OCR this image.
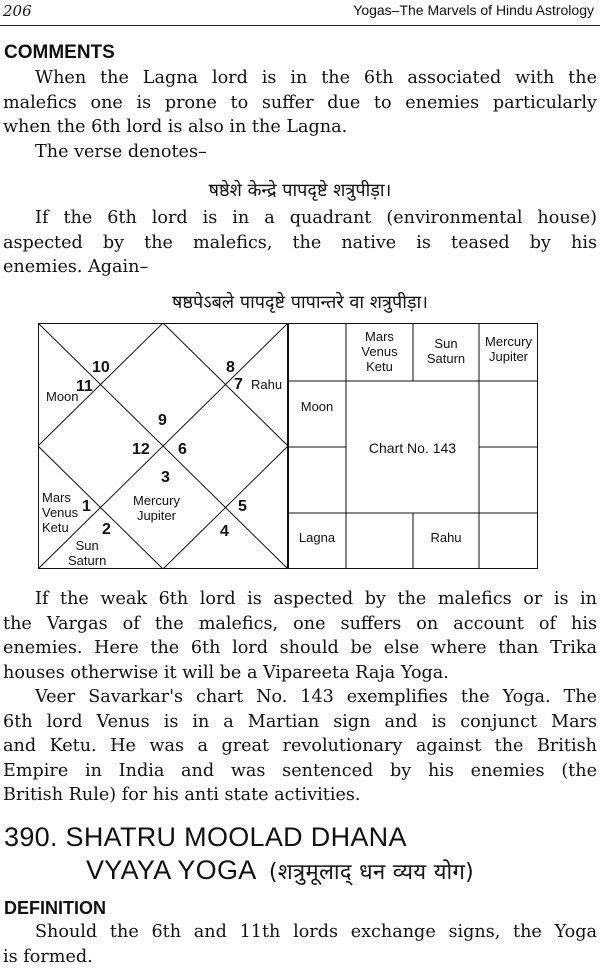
206	Yogas–The Marvels of Hindu Astrology
COMMENTS
When the Lagna lord is in the 6th associated with the
malefics one is prone to suffer due to enemies particularly
when the 6th lord is also in the Lagna.
The verse denotes–
षष्ठेशे केन्द्रे पापदृष्टे शत्रुपीड़ा।
If the 6th lord is in a quadrant (environmental house)
aspected by the malefics, the native is teased by his
enemies. Again–
षष्ठपेऽबले पापदृष्टे पापान्तरे वा शत्रुपीड़ा।
10	8
11	7
9
12 6
3
1	5
2	4
Moon
Rahu
Mars
Venus
Ketu
Sun
Saturn
Mercury
Jupiter
Mars
Venus
Ketu
Sun
Saturn
Mercury
Jupiter
Moon
Chart No. 143
Lagna	Rahu
If the weak 6th lord is aspected by the malefics or is in
the Vargas of the malefics, one suffers on account of his
enemies. Here the 6th lord should be else where than Trika
houses otherwise it will be a Vipareeta Raja Yoga.
Veer Savarkar's chart No. 143 exemplifies the Yoga. The
6th lord Venus is in a Martian sign and is conjunct Mars
and Ketu. He was a great revolutionary against the British
Empire in India and was sentenced by his enemies (the
British Rule) for his anti state activities.
390. SHATRU MOOLAD DHANA
VYAYA YOGA (शत्रुमूलाद् धन व्यय योग)
DEFINITION
Should the 6th and 11th lords exchange signs, the Yoga
is formed.
